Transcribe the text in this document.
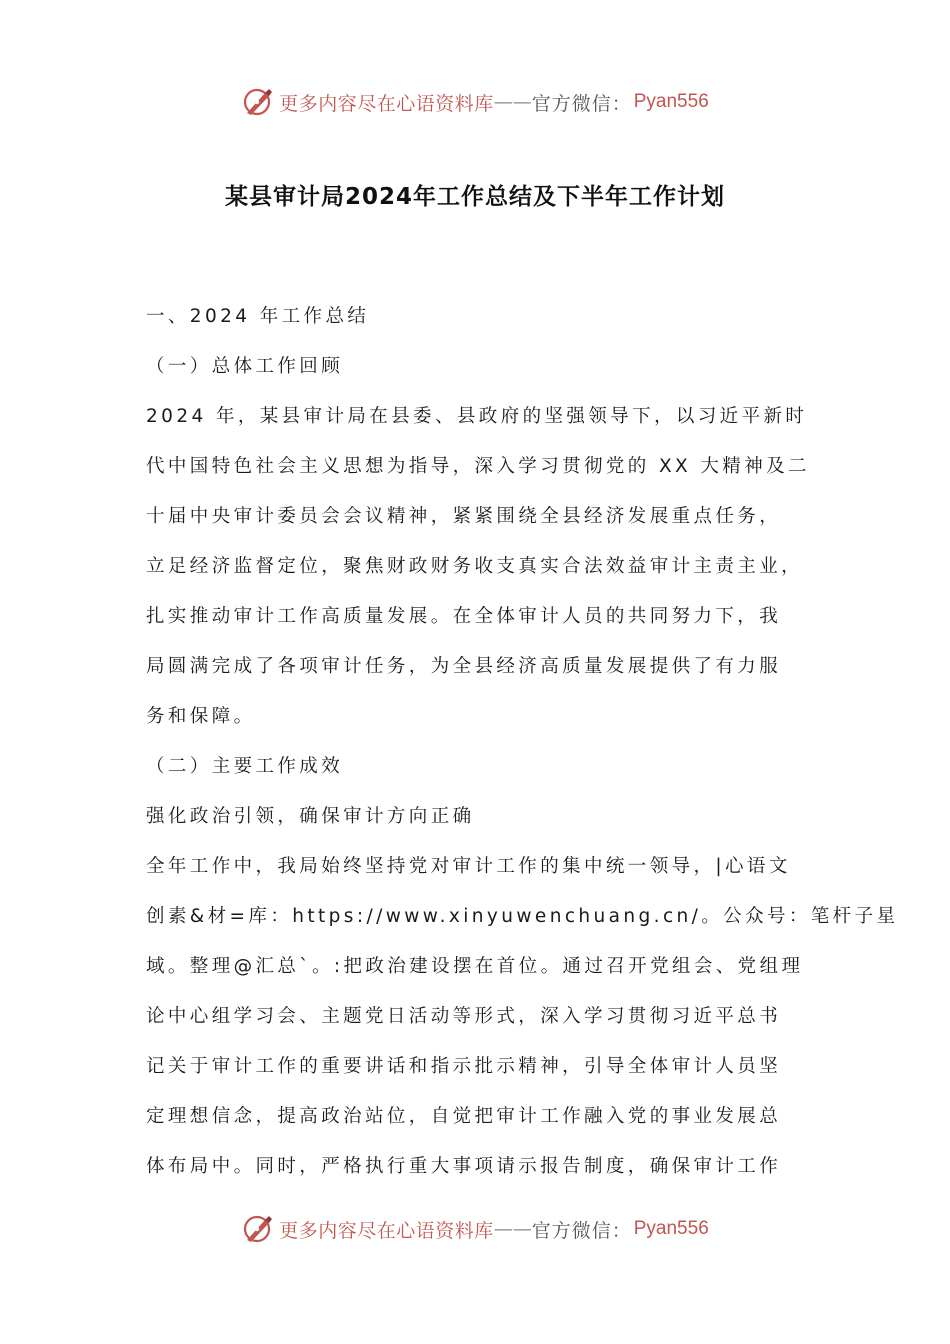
更多内容尽在心语资料库 —— 官方微信： Pyan556
某县审计局2024年工作总结及下半年工作计划

一、2024 年工作总结

（一）总体工作回顾

2024 年，某县审计局在县委、县政府的坚强领导下，以习近平新时

代中国特色社会主义思想为指导，深入学习贯彻党的 XX 大精神及二

十届中央审计委员会会议精神，紧紧围绕全县经济发展重点任务，

立足经济监督定位，聚焦财政财务收支真实合法效益审计主责主业，

扎实推动审计工作高质量发展。在全体审计人员的共同努力下，我

局圆满完成了各项审计任务，为全县经济高质量发展提供了有力服

务和保障。

（二）主要工作成效

强化政治引领，确保审计方向正确

全年工作中，我局始终坚持党对审计工作的集中统一领导，|心语文

创素&材=库：https://www.xinyuwenchuang.cn/。公众号：笔杆子星

域。整理@汇总`。:把政治建设摆在首位。通过召开党组会、党组理

论中心组学习会、主题党日活动等形式，深入学习贯彻习近平总书

记关于审计工作的重要讲话和指示批示精神，引导全体审计人员坚

定理想信念，提高政治站位，自觉把审计工作融入党的事业发展总

体布局中。同时，严格执行重大事项请示报告制度，确保审计工作

更多内容尽在心语资料库 —— 官方微信： Pyan556
